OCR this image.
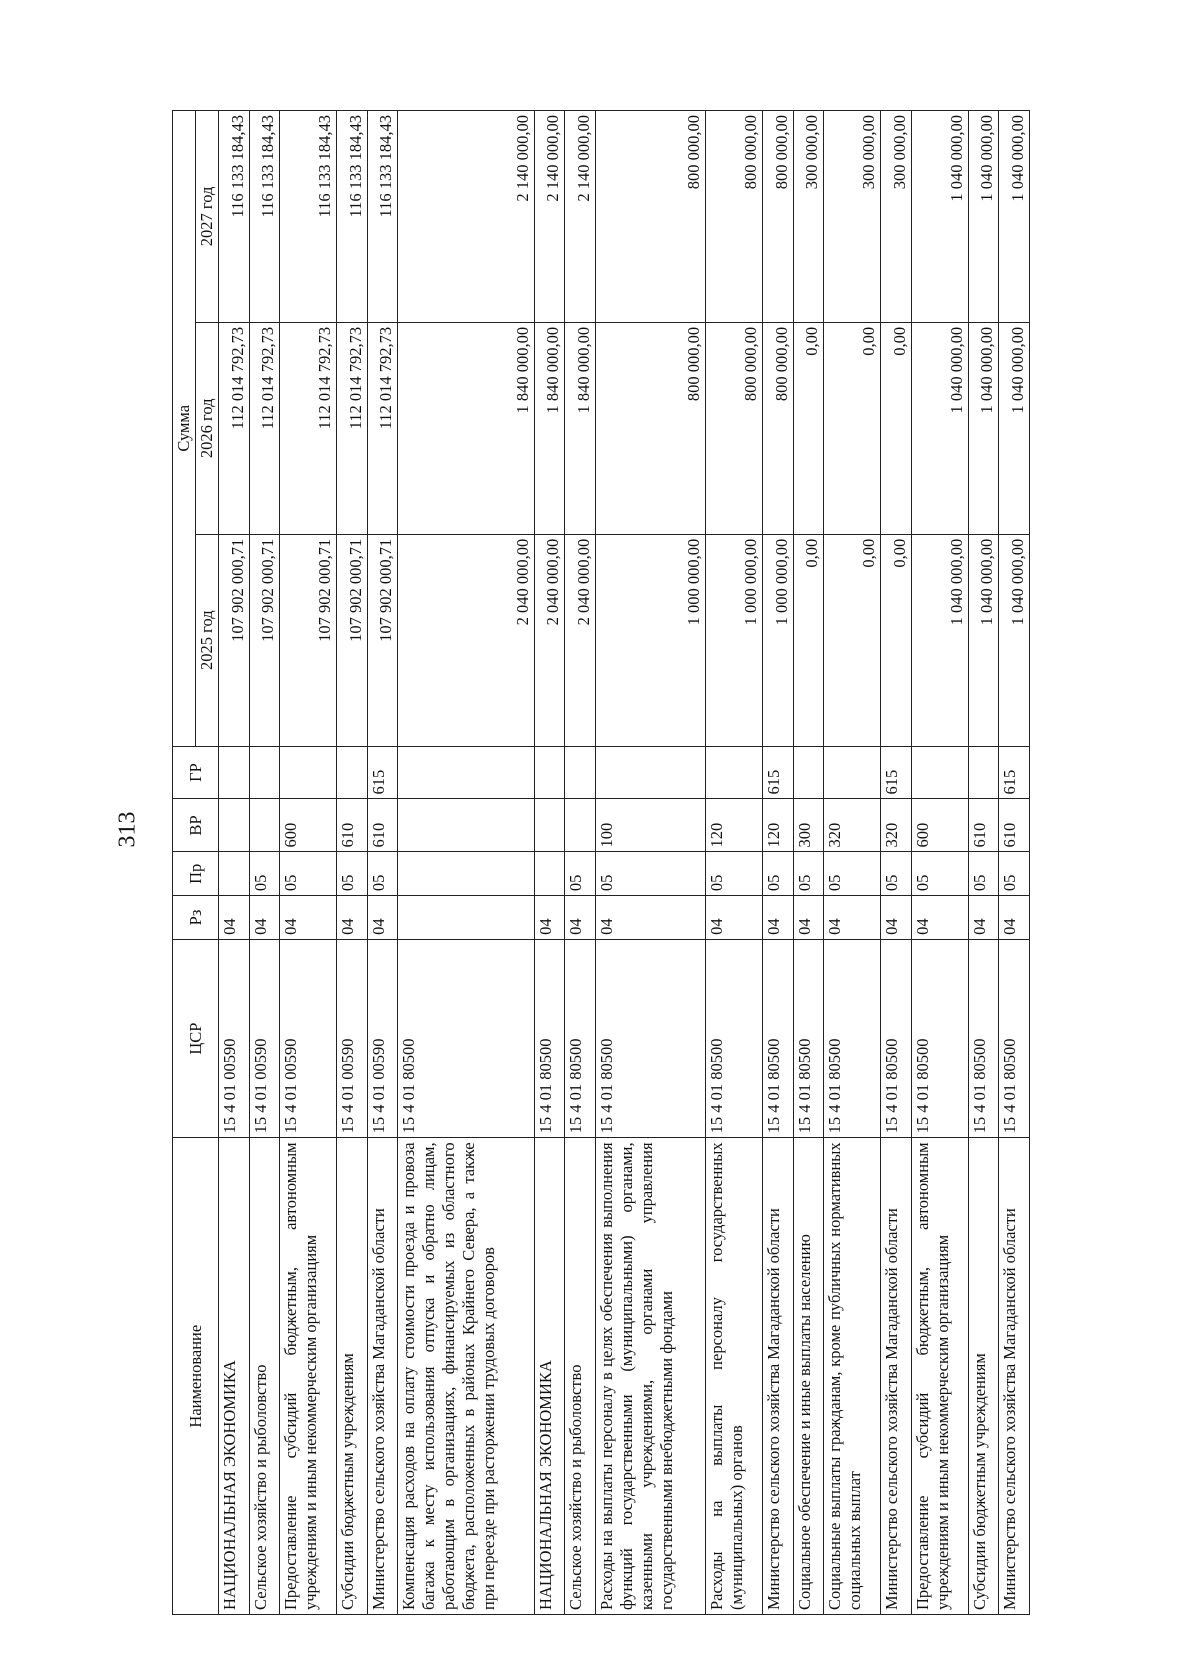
313
Наименование	ЦСР	Рз	Пр	ВР	ГР	Сумма		
						2025 год	2026 год	2027 год
НАЦИОНАЛЬНАЯ ЭКОНОМИКА	15 4 01 00590	04				107 902 000,71	112 014 792,73	116 133 184,43
Сельское хозяйство и рыболовство	15 4 01 00590	04	05			107 902 000,71	112 014 792,73	116 133 184,43
Предоставление субсидий бюджетным, автономным учреждениям и иным некоммерческим организациям	15 4 01 00590	04	05	600		107 902 000,71	112 014 792,73	116 133 184,43
Субсидии бюджетным учреждениям	15 4 01 00590	04	05	610		107 902 000,71	112 014 792,73	116 133 184,43
Министерство сельского хозяйства Магаданской области	15 4 01 00590	04	05	610	615	107 902 000,71	112 014 792,73	116 133 184,43
Компенсация расходов на оплату стоимости проезда и провоза багажа к месту использования отпуска и обратно лицам, работающим в организациях, финансируемых из областного бюджета, расположенных в районах Крайнего Севера, а также при переезде при расторжении трудовых договоров	15 4 01 80500					2 040 000,00	1 840 000,00	2 140 000,00
НАЦИОНАЛЬНАЯ ЭКОНОМИКА	15 4 01 80500	04				2 040 000,00	1 840 000,00	2 140 000,00
Сельское хозяйство и рыболовство	15 4 01 80500	04	05			2 040 000,00	1 840 000,00	2 140 000,00
Расходы на выплаты персоналу в целях обеспечения выполнения функций государственными (муниципальными) органами, казенными учреждениями, органами управления государственными внебюджетными фондами	15 4 01 80500	04	05	100		1 000 000,00	800 000,00	800 000,00
Расходы на выплаты персоналу государственных (муниципальных) органов	15 4 01 80500	04	05	120		1 000 000,00	800 000,00	800 000,00
Министерство сельского хозяйства Магаданской области	15 4 01 80500	04	05	120	615	1 000 000,00	800 000,00	800 000,00
Социальное обеспечение и иные выплаты населению	15 4 01 80500	04	05	300		0,00	0,00	300 000,00
Социальные выплаты гражданам, кроме публичных нормативных социальных выплат	15 4 01 80500	04	05	320		0,00	0,00	300 000,00
Министерство сельского хозяйства Магаданской области	15 4 01 80500	04	05	320	615	0,00	0,00	300 000,00
Предоставление субсидий бюджетным, автономным учреждениям и иным некоммерческим организациям	15 4 01 80500	04	05	600		1 040 000,00	1 040 000,00	1 040 000,00
Субсидии бюджетным учреждениям	15 4 01 80500	04	05	610		1 040 000,00	1 040 000,00	1 040 000,00
Министерство сельского хозяйства Магаданской области	15 4 01 80500	04	05	610	615	1 040 000,00	1 040 000,00	1 040 000,00
